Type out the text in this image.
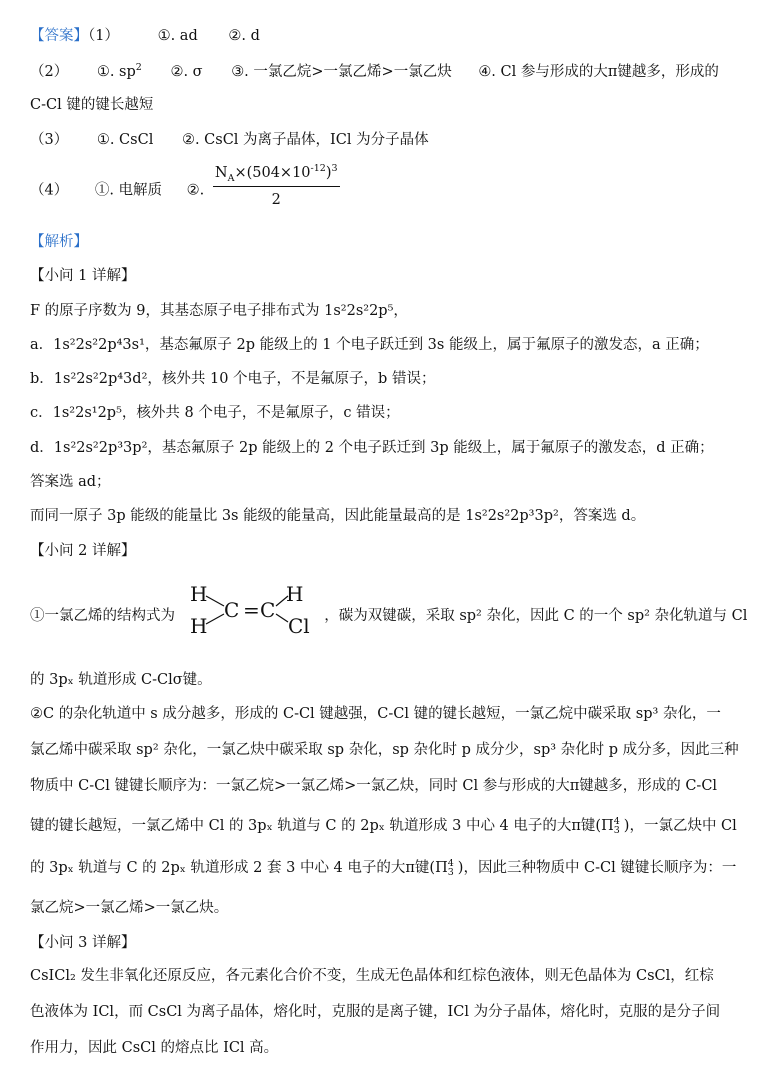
【答案】（1）	①. ad ②. d
（2） ①. $sp^2$ ②. σ ③. 一氯乙烷>一氯乙烯>一氯乙炔 ④. Cl 参与形成的大π键越多，形成的
C-Cl 键的键长越短
（3） ①. CsCl ②. CsCl 为离子晶体，ICl 为分子晶体
（4） ①. 电解质 ②. $\frac{N_A\times(504\times 10^{-12})^3}{2}$
【解析】
【小问 1 详解】
F 的原子序数为 9，其基态原子电子排布式为 1s²2s²2p⁵，
a．1s²2s²2p⁴3s¹，基态氟原子 2p 能级上的 1 个电子跃迁到 3s 能级上，属于氟原子的激发态，a 正确；
b．1s²2s²2p⁴3d²，核外共 10 个电子，不是氟原子，b 错误；
c．1s²2s¹2p⁵，核外共 8 个电子，不是氟原子，c 错误；
d．1s²2s²2p³3p²，基态氟原子 2p 能级上的 2 个电子跃迁到 3p 能级上，属于氟原子的激发态，d 正确；
答案选 ad；
而同一原子 3p 能级的能量比 3s 能级的能量高，因此能量最高的是 1s²2s²2p³3p²，答案选 d。
【小问 2 详解】
①一氯乙烯的结构式为	，碳为双键碳，采取 sp² 杂化，因此 C 的一个 sp² 杂化轨道与 Cl
H
H
H
C = C
Cl
的 3pₓ 轨道形成 C-Clσ键。
②C 的杂化轨道中 s 成分越多，形成的 C-Cl 键越强，C-Cl 键的键长越短，一氯乙烷中碳采取 sp³ 杂化，一
氯乙烯中碳采取 sp² 杂化，一氯乙炔中碳采取 sp 杂化，sp 杂化时 p 成分少，sp³ 杂化时 p 成分多，因此三种
物质中 C-Cl 键键长顺序为：一氯乙烷>一氯乙烯>一氯乙炔，同时 Cl 参与形成的大π键越多，形成的 C-Cl
键的键长越短，一氯乙烯中 Cl 的 3pₓ 轨道与 C 的 2pₓ 轨道形成 3 中心 4 电子的大π键(Π 4
3 )，一氯乙炔中 Cl
的 3pₓ 轨道与 C 的 2pₓ 轨道形成 2 套 3 中心 4 电子的大π键(Π 4
3 )，因此三种物质中 C-Cl 键键长顺序为：一
氯乙烷>一氯乙烯>一氯乙炔。
【小问 3 详解】
CsICl₂ 发生非氧化还原反应，各元素化合价不变，生成无色晶体和红棕色液体，则无色晶体为 CsCl，红棕
色液体为 ICl，而 CsCl 为离子晶体，熔化时，克服的是离子键，ICl 为分子晶体，熔化时，克服的是分子间
作用力，因此 CsCl 的熔点比 ICl 高。
